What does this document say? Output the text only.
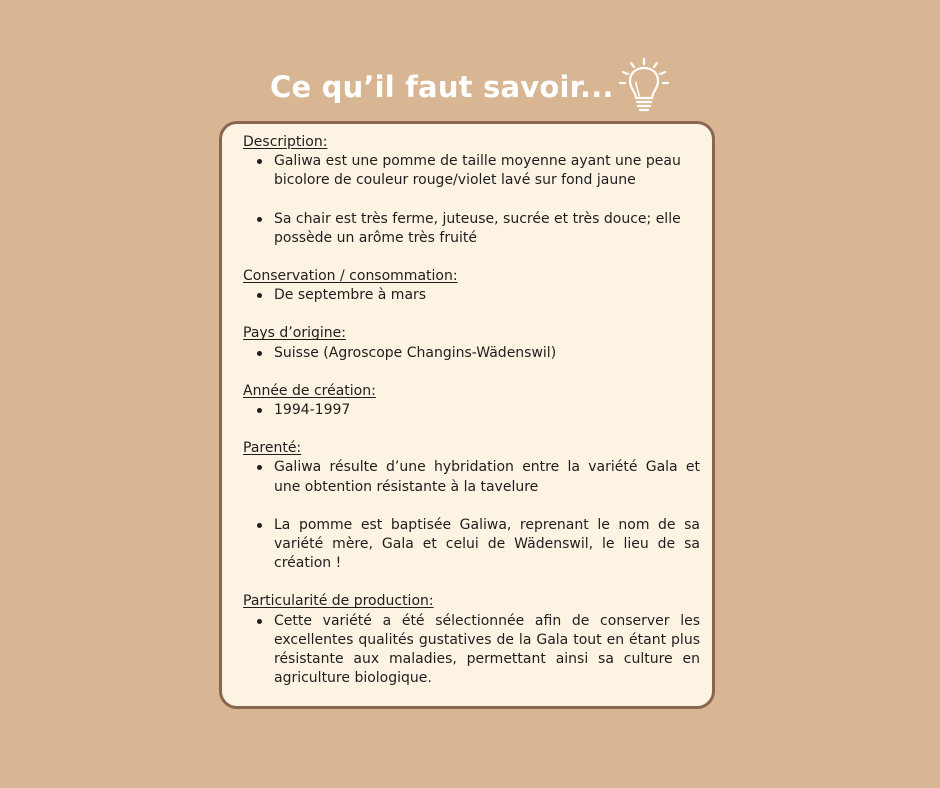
Ce qu’il faut savoir...

Description:

Galiwa est une pomme de taille moyenne ayant une peau bicolore de couleur rouge/violet lavé sur fond jaune
Sa chair est très ferme, juteuse, sucrée et très douce; elle possède un arôme très fruité

Conservation / consommation:

De septembre à mars

Pays d’origine:

Suisse (Agroscope Changins-Wädenswil)

Année de création:

1994-1997

Parenté:

Galiwa résulte d’une hybridation entre la variété Gala et une obtention résistante à la tavelure
La pomme est baptisée Galiwa, reprenant le nom de sa variété mère, Gala et celui de Wädenswil, le lieu de sa création !

Particularité de production:

Cette variété a été sélectionnée afin de conserver les excellentes qualités gustatives de la Gala tout en étant plus résistante aux maladies, permettant ainsi sa culture en agriculture biologique.
